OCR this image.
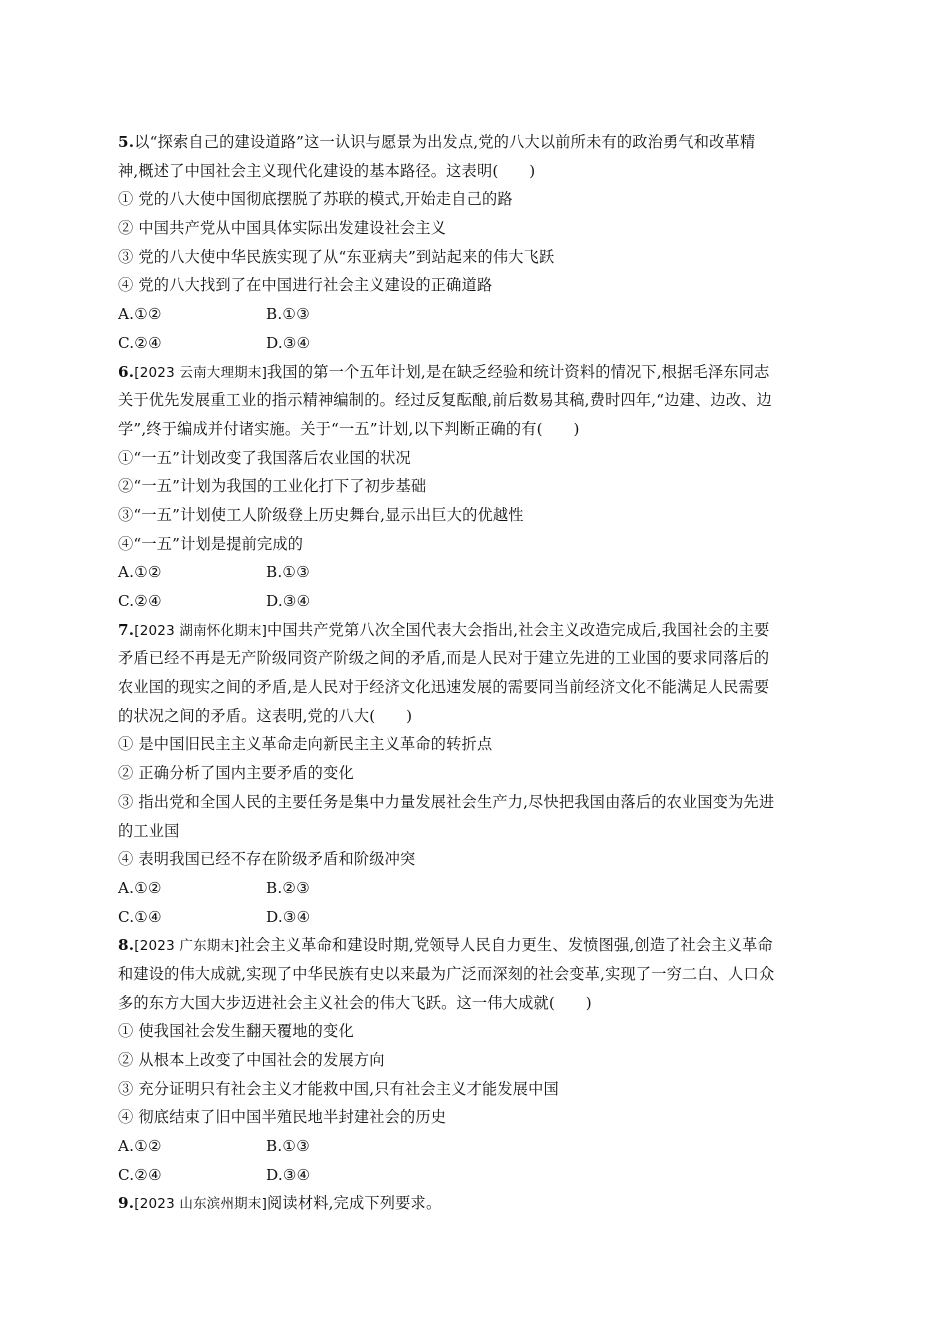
5.以“探索自己的建设道路”这一认识与愿景为出发点,党的八大以前所未有的政治勇气和改革精
神,概述了中国社会主义现代化建设的基本路径。这表明(　　)
① 党的八大使中国彻底摆脱了苏联的模式,开始走自己的路
② 中国共产党从中国具体实际出发建设社会主义
③ 党的八大使中华民族实现了从“东亚病夫”到站起来的伟大飞跃
④ 党的八大找到了在中国进行社会主义建设的正确道路
A.①②	B.①③
C.②④	D.③④
6.[2023 云南大理期末]我国的第一个五年计划,是在缺乏经验和统计资料的情况下,根据毛泽东同志
关于优先发展重工业的指示精神编制的。经过反复酝酿,前后数易其稿,费时四年,“边建、边改、边
学”,终于编成并付诸实施。关于“一五”计划,以下判断正确的有(　　)
①“一五”计划改变了我国落后农业国的状况
②“一五”计划为我国的工业化打下了初步基础
③“一五”计划使工人阶级登上历史舞台,显示出巨大的优越性
④“一五”计划是提前完成的
A.①②	B.①③
C.②④	D.③④
7.[2023 湖南怀化期末]中国共产党第八次全国代表大会指出,社会主义改造完成后,我国社会的主要
矛盾已经不再是无产阶级同资产阶级之间的矛盾,而是人民对于建立先进的工业国的要求同落后的
农业国的现实之间的矛盾,是人民对于经济文化迅速发展的需要同当前经济文化不能满足人民需要
的状况之间的矛盾。这表明,党的八大(　　)
① 是中国旧民主主义革命走向新民主主义革命的转折点
② 正确分析了国内主要矛盾的变化
③ 指出党和全国人民的主要任务是集中力量发展社会生产力,尽快把我国由落后的农业国变为先进
的工业国
④ 表明我国已经不存在阶级矛盾和阶级冲突
A.①②	B.②③
C.①④	D.③④
8.[2023 广东期末]社会主义革命和建设时期,党领导人民自力更生、发愤图强,创造了社会主义革命
和建设的伟大成就,实现了中华民族有史以来最为广泛而深刻的社会变革,实现了一穷二白、人口众
多的东方大国大步迈进社会主义社会的伟大飞跃。这一伟大成就(　　)
① 使我国社会发生翻天覆地的变化
② 从根本上改变了中国社会的发展方向
③ 充分证明只有社会主义才能救中国,只有社会主义才能发展中国
④ 彻底结束了旧中国半殖民地半封建社会的历史
A.①②	B.①③
C.②④	D.③④
9.[2023 山东滨州期末]阅读材料,完成下列要求。
